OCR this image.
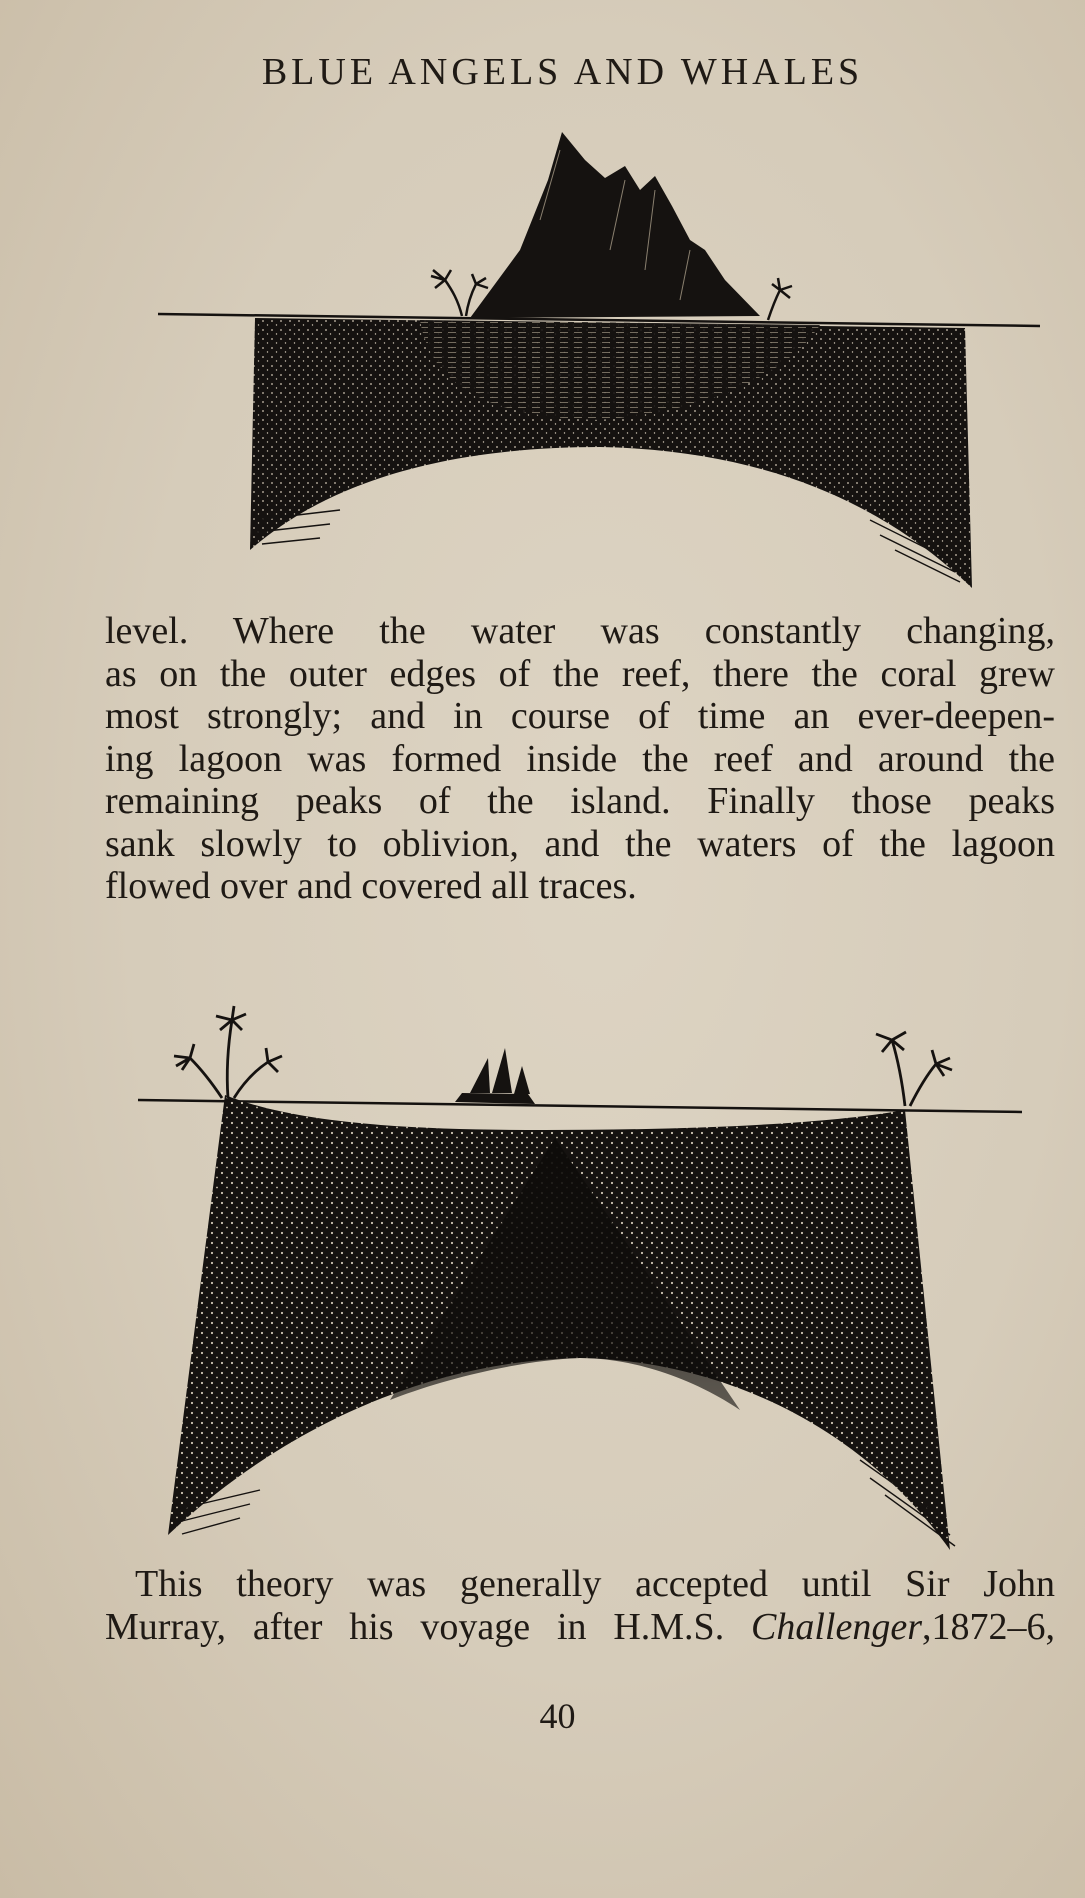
BLUE ANGELS AND WHALES
level. Where the water was constantly changing,
as on the outer edges of the reef, there the coral grew
most strongly; and in course of time an ever-deepen-
ing lagoon was formed inside the reef and around the
remaining peaks of the island. Finally those peaks
sank slowly to oblivion, and the waters of the lagoon
flowed over and covered all traces.
This theory was generally accepted until Sir John
Murray, after his voyage in H.M.S. Challenger,1872–6,
40
